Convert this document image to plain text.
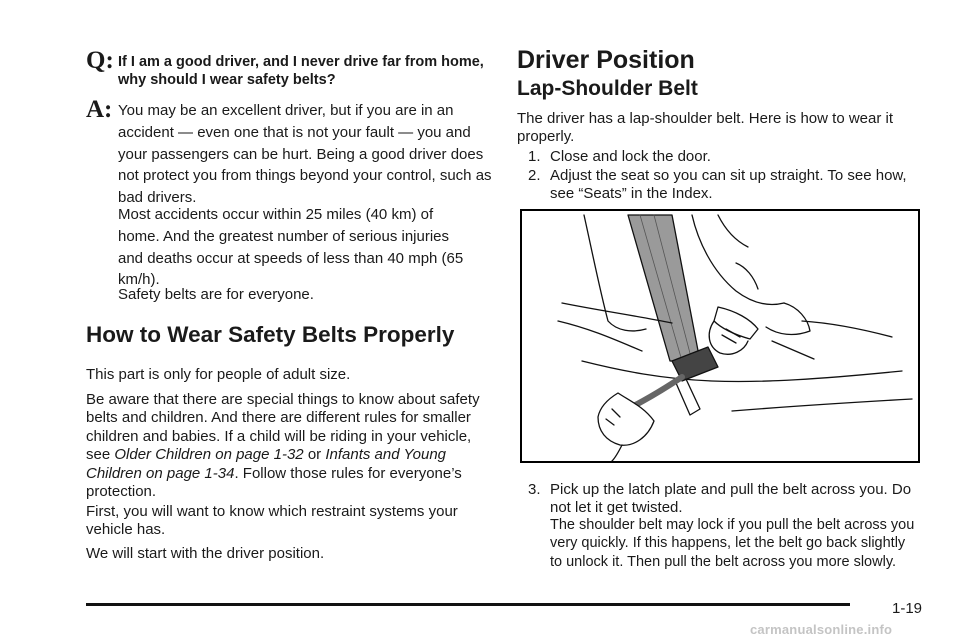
Q: If I am a good driver, and I never drive far from home, why should I wear safety belts?

A: You may be an excellent driver, but if you are in an accident — even one that is not your fault — you and your passengers can be hurt. Being a good driver does not protect you from things beyond your control, such as bad drivers.

Most accidents occur within 25 miles (40 km) of home. And the greatest number of serious injuries and deaths occur at speeds of less than 40 mph (65 km/h).

Safety belts are for everyone.

How to Wear Safety Belts Properly

This part is only for people of adult size.

Be aware that there are special things to know about safety belts and children. And there are different rules for smaller children and babies. If a child will be riding in your vehicle, see Older Children on page 1-32 or Infants and Young Children on page 1-34. Follow those rules for everyone’s protection.

First, you will want to know which restraint systems your vehicle has.

We will start with the driver position.

Driver Position
Lap-Shoulder Belt

The driver has a lap-shoulder belt. Here is how to wear it properly.

1. Close and lock the door.
2. Adjust the seat so you can sit up straight. To see how, see “Seats” in the Index.

3. Pick up the latch plate and pull the belt across you. Do not let it get twisted.

The shoulder belt may lock if you pull the belt across you very quickly. If this happens, let the belt go back slightly to unlock it. Then pull the belt across you more slowly.

1-19
carmanualsonline.info
